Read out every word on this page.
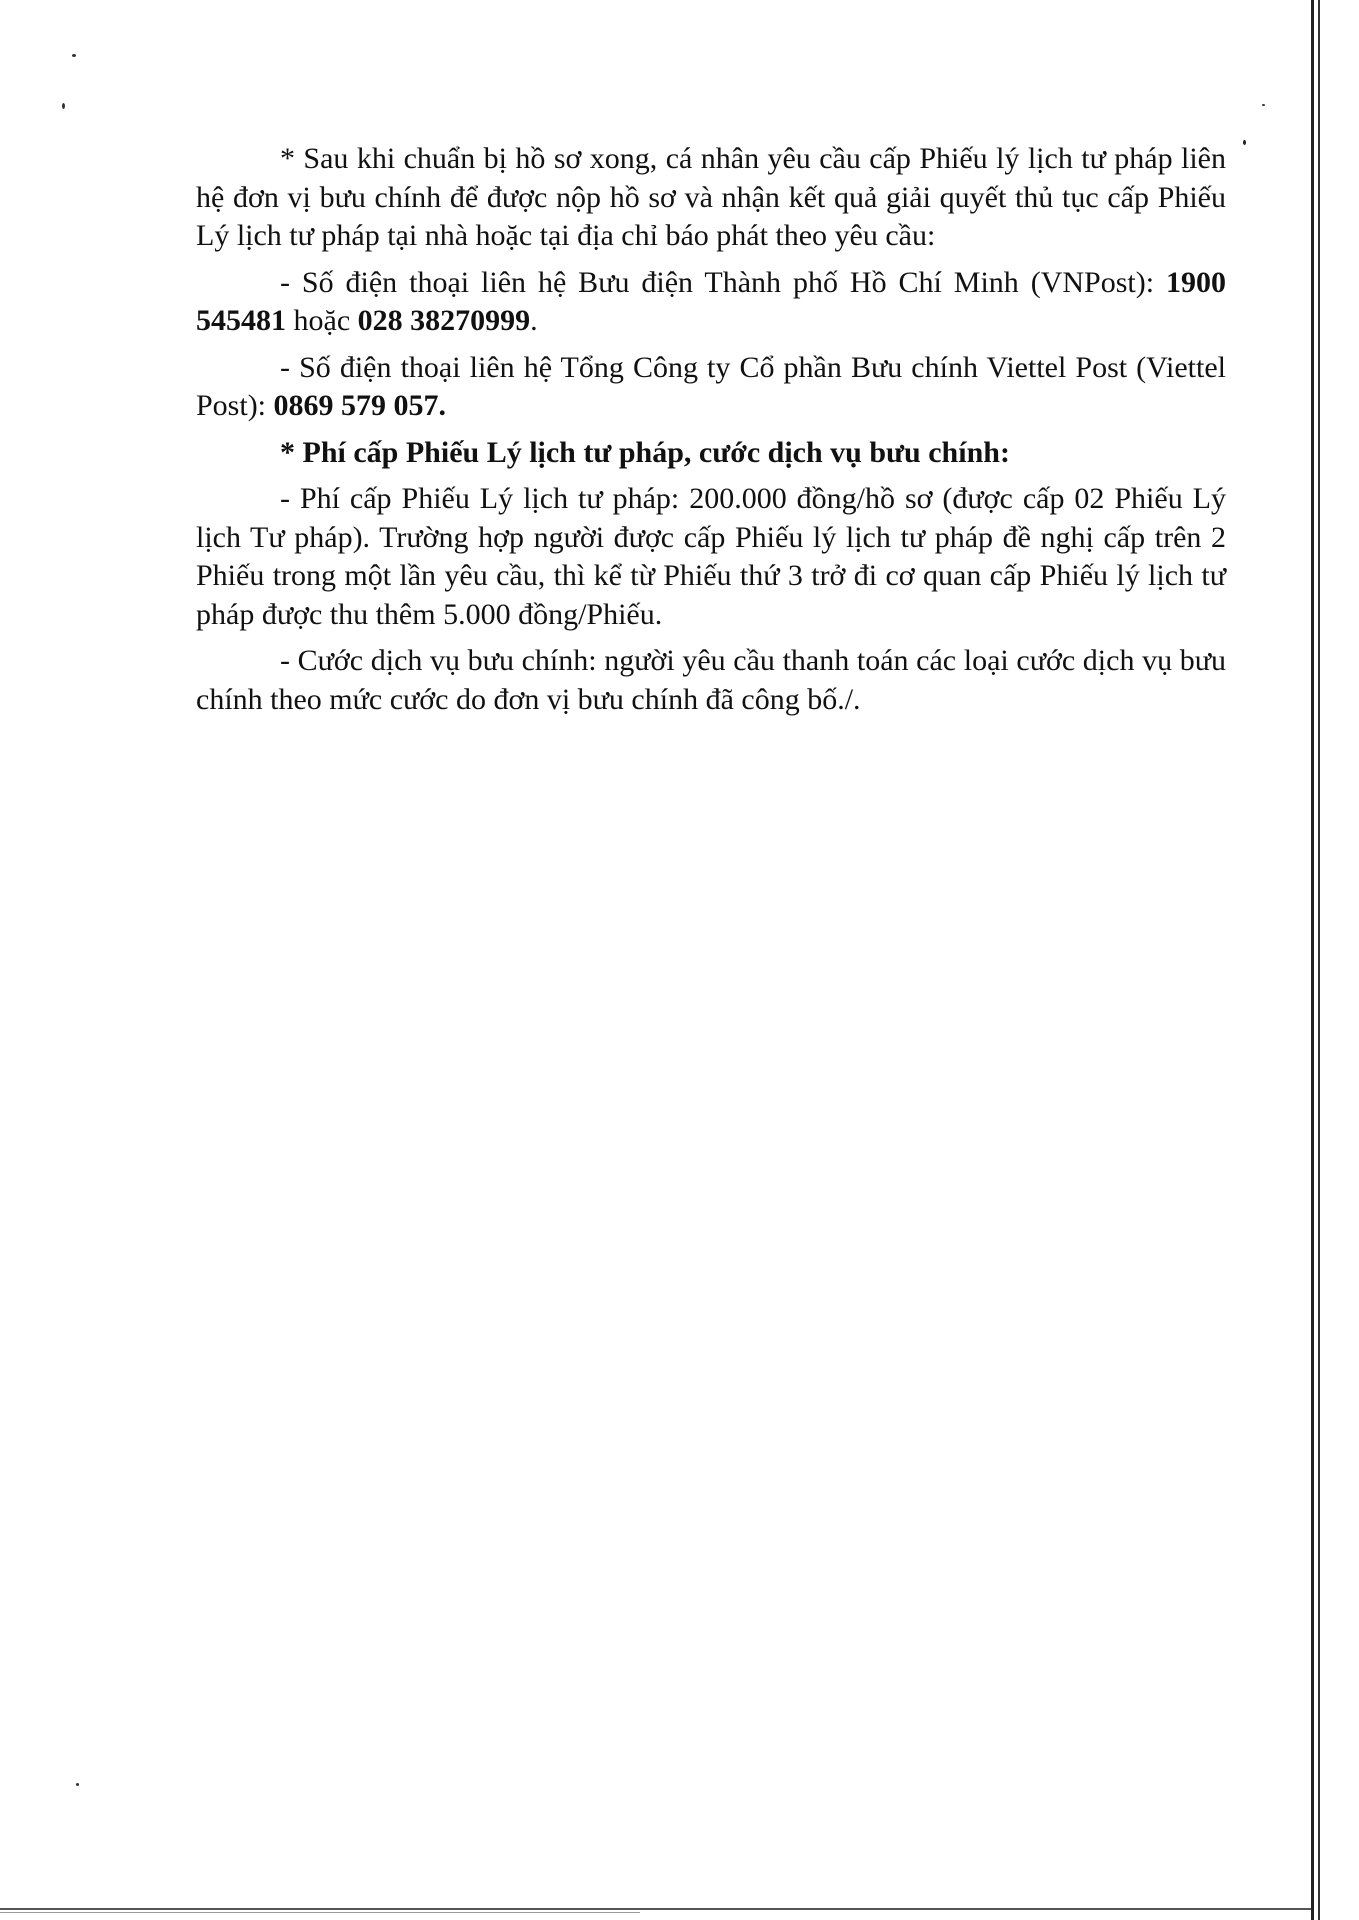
* Sau khi chuẩn bị hồ sơ xong, cá nhân yêu cầu cấp Phiếu lý lịch tư pháp liên hệ đơn vị bưu chính để được nộp hồ sơ và nhận kết quả giải quyết thủ tục cấp Phiếu Lý lịch tư pháp tại nhà hoặc tại địa chỉ báo phát theo yêu cầu:

- Số điện thoại liên hệ Bưu điện Thành phố Hồ Chí Minh (VNPost): 1900 545481 hoặc 028 38270999.

- Số điện thoại liên hệ Tổng Công ty Cổ phần Bưu chính Viettel Post (Viettel Post): 0869 579 057.

* Phí cấp Phiếu Lý lịch tư pháp, cước dịch vụ bưu chính:

- Phí cấp Phiếu Lý lịch tư pháp: 200.000 đồng/hồ sơ (được cấp 02 Phiếu Lý lịch Tư pháp). Trường hợp người được cấp Phiếu lý lịch tư pháp đề nghị cấp trên 2 Phiếu trong một lần yêu cầu, thì kể từ Phiếu thứ 3 trở đi cơ quan cấp Phiếu lý lịch tư pháp được thu thêm 5.000 đồng/Phiếu.

- Cước dịch vụ bưu chính: người yêu cầu thanh toán các loại cước dịch vụ bưu chính theo mức cước do đơn vị bưu chính đã công bố./.
